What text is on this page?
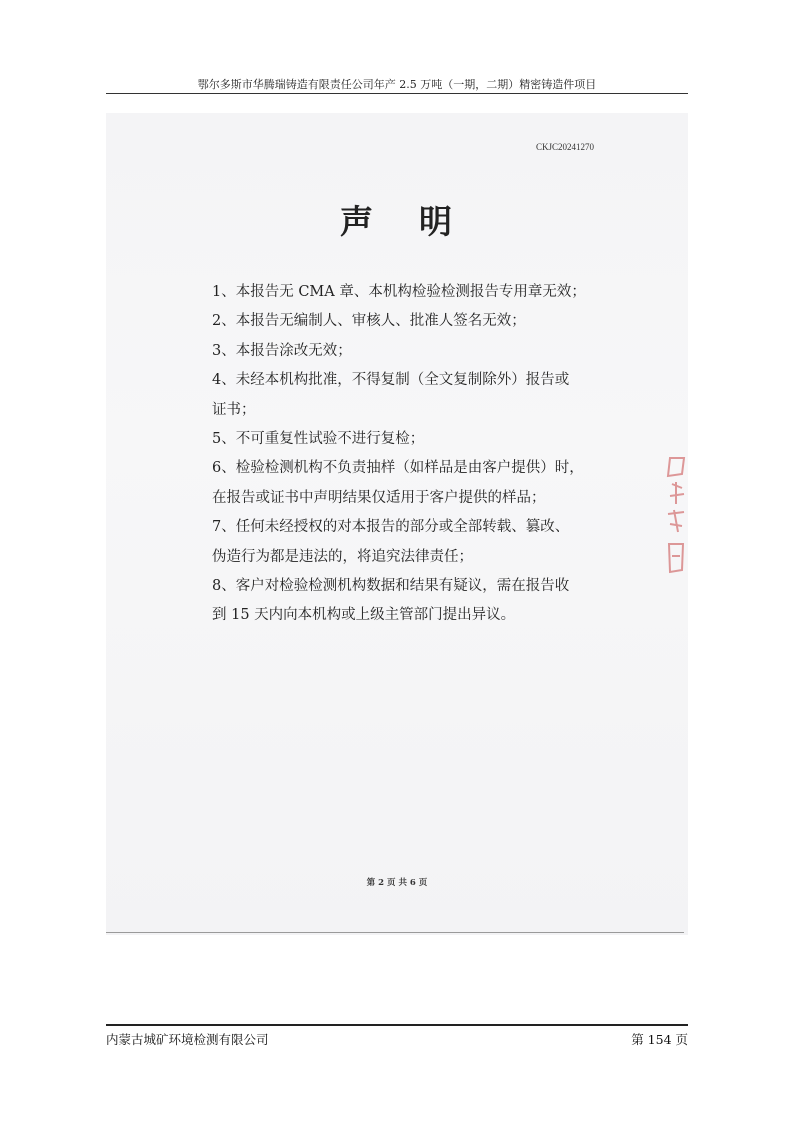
鄂尔多斯市华腾瑞铸造有限责任公司年产 2.5 万吨（一期，二期）精密铸造件项目
CKJC20241270
声明

1、本报告无 CMA 章、本机构检验检测报告专用章无效；

2、本报告无编制人、审核人、批准人签名无效；

3、本报告涂改无效；

4、未经本机构批准，不得复制（全文复制除外）报告或

证书；

5、不可重复性试验不进行复检；

6、检验检测机构不负责抽样（如样品是由客户提供）时，

在报告或证书中声明结果仅适用于客户提供的样品；

7、任何未经授权的对本报告的部分或全部转载、篡改、

伪造行为都是违法的，将追究法律责任；

8、客户对检验检测机构数据和结果有疑议，需在报告收

到 15 天内向本机构或上级主管部门提出异议。

第 2 页 共 6 页
内蒙古城矿环境检测有限公司	第 154 页
